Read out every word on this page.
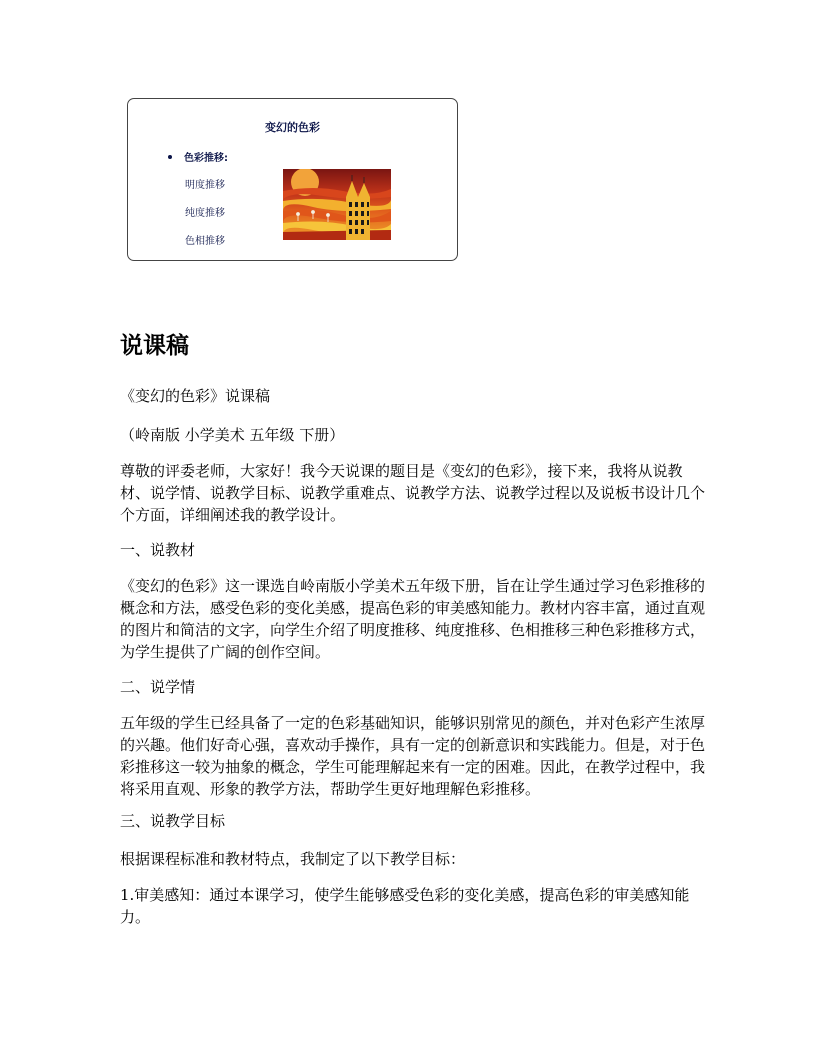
变幻的色彩
色彩推移:
明度推移
纯度推移
色相推移
说课稿
《变幻的色彩》说课稿
（岭南版 小学美术 五年级 下册）
尊敬的评委老师，大家好！我今天说课的题目是《变幻的色彩》，接下来，我将从说教材、说学情、说教学目标、说教学重难点、说教学方法、说教学过程以及说板书设计几个个方面，详细阐述我的教学设计。
一、说教材
《变幻的色彩》这一课选自岭南版小学美术五年级下册，旨在让学生通过学习色彩推移的概念和方法，感受色彩的变化美感，提高色彩的审美感知能力。教材内容丰富，通过直观的图片和简洁的文字，向学生介绍了明度推移、纯度推移、色相推移三种色彩推移方式，为学生提供了广阔的创作空间。
二、说学情
五年级的学生已经具备了一定的色彩基础知识，能够识别常见的颜色，并对色彩产生浓厚的兴趣。他们好奇心强，喜欢动手操作，具有一定的创新意识和实践能力。但是，对于色彩推移这一较为抽象的概念，学生可能理解起来有一定的困难。因此，在教学过程中，我将采用直观、形象的教学方法，帮助学生更好地理解色彩推移。
三、说教学目标
根据课程标准和教材特点，我制定了以下教学目标：
1.审美感知：通过本课学习，使学生能够感受色彩的变化美感，提高色彩的审美感知能力。
